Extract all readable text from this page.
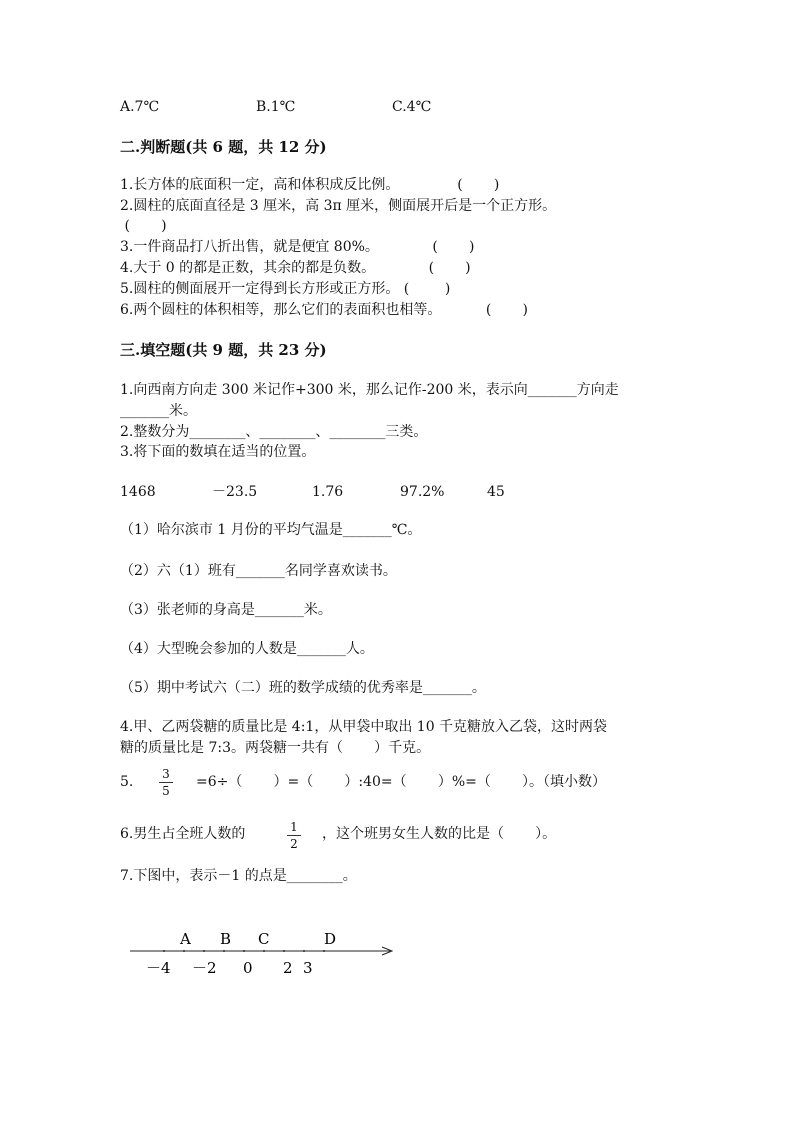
A.7℃	B.1℃	C.4℃
二.判断题(共 6 题，共 12 分)
1.长方体的底面积一定，高和体积成反比例。             (       )
2.圆柱的底面直径是 3 厘米，高 3π 厘米，侧面展开后是一个正方形。
(       )
3.一件商品打八折出售，就是便宜 80%。            (       )
4.大于 0 的都是正数，其余的都是负数。            (       )
5.圆柱的侧面展开一定得到长方形或正方形。 (        )
6.两个圆柱的体积相等，那么它们的表面积也相等。          (       )
三.填空题(共 9 题，共 23 分)
1.向西南方向走 300 米记作+300 米，那么记作-200 米，表示向_______方向走
_______米。
2.整数分为________、________、________三类。
3.将下面的数填在适当的位置。
1468	－23.5	1.76	97.2%	45
（1）哈尔滨市 1 月份的平均气温是_______℃。
（2）六（1）班有_______名同学喜欢读书。
（3）张老师的身高是_______米。
（4）大型晚会参加的人数是_______人。
（5）期中考试六（二）班的数学成绩的优秀率是_______。
4.甲、乙两袋糖的质量比是 4:1，从甲袋中取出 10 千克糖放入乙袋，这时两袋
糖的质量比是 7:3。两袋糖一共有（       ）千克。
5. 3
5
=6÷（       ）=（       ）:40=（       ）%=（       ）。（填小数）
6.男生占全班人数的	1
2
，这个班男女生人数的比是（       ）。
7.下图中，表示－1 的点是________。
A B C	D
－4 －2 0 2 3
